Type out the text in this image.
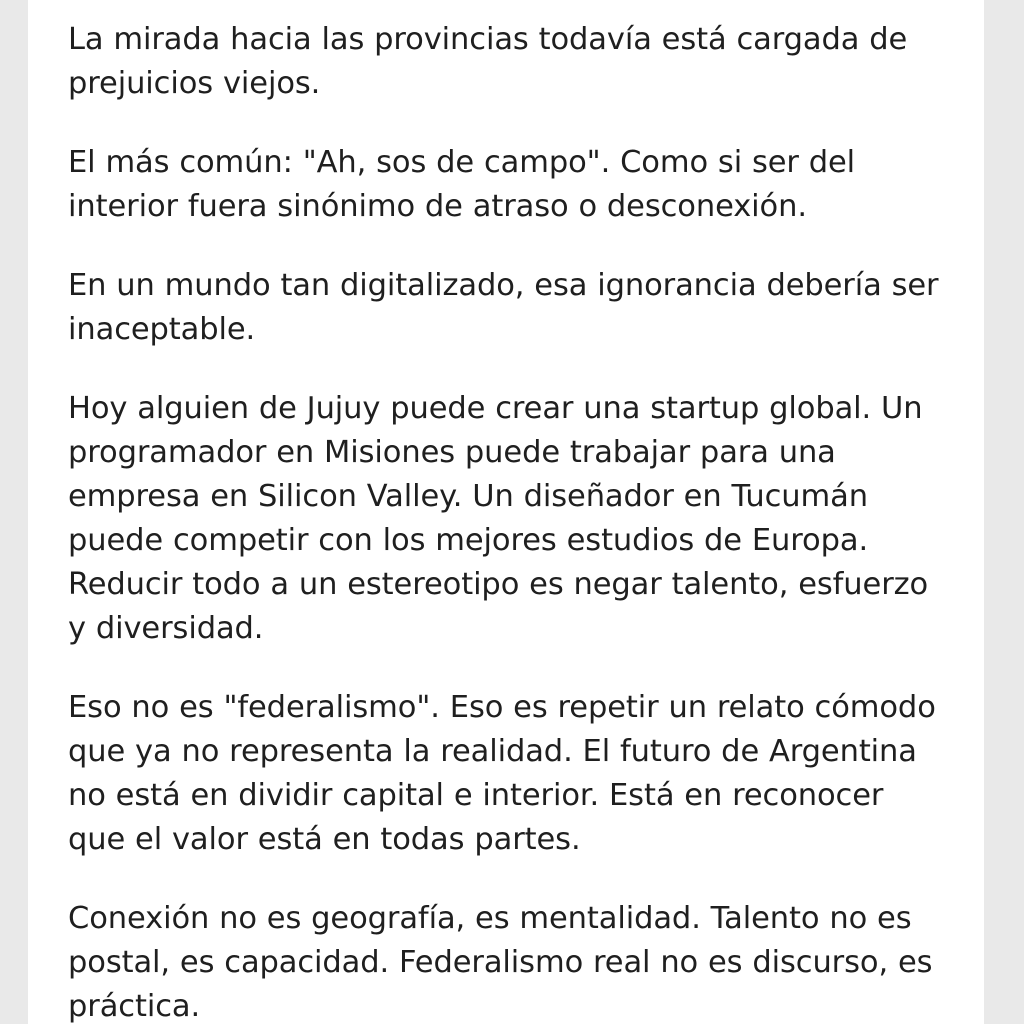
La mirada hacia las provincias todavía está cargada de prejuicios viejos.

El más común: "Ah, sos de campo". Como si ser del interior fuera sinónimo de atraso o desconexión.

En un mundo tan digitalizado, esa ignorancia debería ser inaceptable.

Hoy alguien de Jujuy puede crear una startup global. Un programador en Misiones puede trabajar para una empresa en Silicon Valley. Un diseñador en Tucumán puede competir con los mejores estudios de Europa. Reducir todo a un estereotipo es negar talento, esfuerzo y diversidad.

Eso no es "federalismo". Eso es repetir un relato cómodo que ya no representa la realidad. El futuro de Argentina no está en dividir capital e interior. Está en reconocer que el valor está en todas partes.

Conexión no es geografía, es mentalidad. Talento no es postal, es capacidad. Federalismo real no es discurso, es práctica.
